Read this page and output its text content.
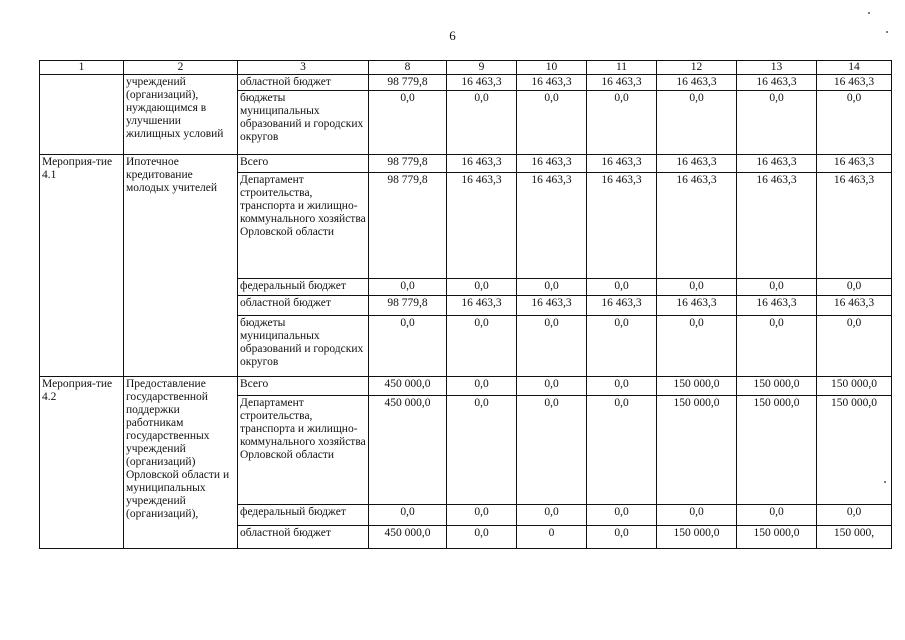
6
1	2	3	8	9	10	11	12	13	14
	учреждений (организаций), нуждающимся в улучшении жилищных условий	областной бюджет	98 779,8	16 463,3	16 463,3	16 463,3	16 463,3	16 463,3	16 463,3
		бюджеты муниципальных образований и городских округов	0,0	0,0	0,0	0,0	0,0	0,0	0,0
Мероприя-тие 4.1	Ипотечное кредитование молодых учителей	Всего	98 779,8	16 463,3	16 463,3	16 463,3	16 463,3	16 463,3	16 463,3
		Департамент строительства, транспорта и жилищно-коммунального хозяйства Орловской области	98 779,8	16 463,3	16 463,3	16 463,3	16 463,3	16 463,3	16 463,3
		федеральный бюджет	0,0	0,0	0,0	0,0	0,0	0,0	0,0
		областной бюджет	98 779,8	16 463,3	16 463,3	16 463,3	16 463,3	16 463,3	16 463,3
		бюджеты муниципальных образований и городских округов	0,0	0,0	0,0	0,0	0,0	0,0	0,0
Мероприя-тие 4.2	Предоставление государственной поддержки работникам государственных учреждений (организаций) Орловской области и муниципальных учреждений (организаций),	Всего	450 000,0	0,0	0,0	0,0	150 000,0	150 000,0	150 000,0
		Департамент строительства, транспорта и жилищно-коммунального хозяйства Орловской области	450 000,0	0,0	0,0	0,0	150 000,0	150 000,0	150 000,0
		федеральный бюджет	0,0	0,0	0,0	0,0	0,0	0,0	0,0
		областной бюджет	450 000,0	0,0	0	0,0	150 000,0	150 000,0	150 000,
